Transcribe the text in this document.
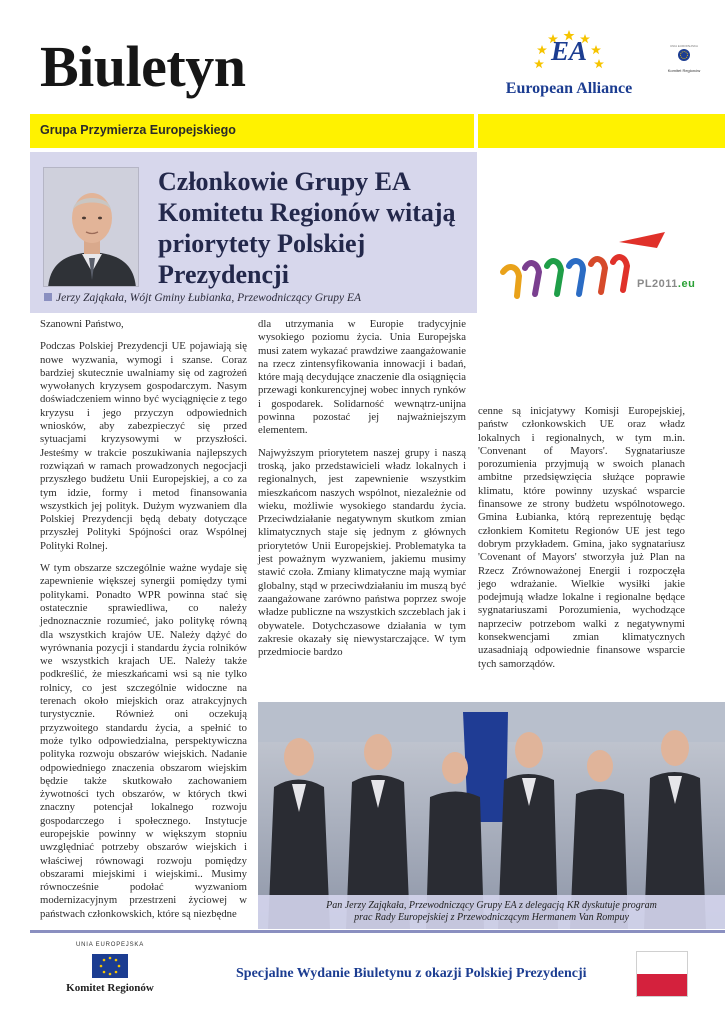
Biuletyn	EA
European Alliance
UNIA EUROPEJSKA
Komitet Regionów
Grupa Przymierza Europejskiego
Członkowie Grupy EA Komitetu Regionów witają priorytety Polskiej Prezydencji
Jerzy Zająkała, Wójt Gminy Łubianka, Przewodniczący Grupy EA
PL2011.eu

Szanowni Państwo,

Podczas Polskiej Prezydencji UE pojawiają się nowe wyzwania, wymogi i szanse. Coraz bardziej skutecznie uwalniamy się od zagrożeń wywołanych kryzysem gospodarczym. Nasym doświadczeniem winno być wyciągnięcie z tego kryzysu i jego przyczyn odpowiednich wniosków, aby zabezpieczyć się przed sytuacjami kryzysowymi w przyszłości. Jesteśmy w trakcie poszukiwania najlepszych rozwiązań w ramach prowadzonych negocjacji przyszłego budżetu Unii Europejskiej, a co za tym idzie, formy i metod finansowania wszystkich jej polityk. Dużym wyzwaniem dla Polskiej Prezydencji będą debaty dotyczące przyszłej Polityki Spójności oraz Wspólnej Polityki Rolnej.

W tym obszarze szczególnie ważne wydaje się zapewnienie większej synergii pomiędzy tymi politykami. Ponadto WPR powinna stać się ostatecznie sprawiedliwa, co należy jednoznacznie rozumieć, jako politykę równą dla wszystkich krajów UE. Należy dążyć do wyrównania pozycji i standardu życia rolników we wszystkich krajach UE. Należy także podkreślić, że mieszkańcami wsi są nie tylko rolnicy, co jest szczególnie widoczne na terenach około miejskich oraz atrakcyjnych turystycznie. Również oni oczekują przyzwoitego standardu życia, a spełnić to może tylko odpowiedzialna, perspektywiczna polityka rozwoju obszarów wiejskich. Nadanie odpowiedniego znaczenia obszarom wiejskim będzie także skutkowało zachowaniem żywotności tych obszarów, w których tkwi znaczny potencjał lokalnego rozwoju gospodarczego i społecznego. Instytucje europejskie powinny w większym stopniu uwzględniać potrzeby obszarów wiejskich i właściwej równowagi rozwoju pomiędzy obszarami miejskimi i wiejskimi.. Musimy równocześnie podołać wyzwaniom modernizacyjnym przestrzeni życiowej w państwach członkowskich, które są niezbędne

dla utrzymania w Europie tradycyjnie wysokiego poziomu życia. Unia Europejska musi zatem wykazać prawdziwe zaangażowanie na rzecz zintensyfikowania innowacji i badań, które mają decydujące znaczenie dla osiągnięcia przewagi konkurencyjnej wobec innych rynków i gospodarek. Solidarność wewnątrz-unijna powinna pozostać jej najważniejszym elementem.

Najwyższym priorytetem naszej grupy i naszą troską, jako przedstawicieli władz lokalnych i regionalnych, jest zapewnienie wszystkim mieszkańcom naszych wspólnot, niezależnie od wieku, możliwie wysokiego standardu życia. Przeciwdziałanie negatywnym skutkom zmian klimatycznych staje się jednym z głównych priorytetów Unii Europejskiej. Problematyka ta jest poważnym wyzwaniem, jakiemu musimy stawić czoła. Zmiany klimatyczne mają wymiar globalny, stąd w przeciwdziałaniu im muszą być zaangażowane zarówno państwa poprzez swoje władze publiczne na wszystkich szczeblach jak i obywatele. Dotychczasowe działania w tym zakresie okazały się niewystarczające. W tym przedmiocie bardzo

cenne są inicjatywy Komisji Europejskiej, państw członkowskich UE oraz władz lokalnych i regionalnych, w tym m.in. 'Convenant of Mayors'. Sygnatariusze porozumienia przyjmują w swoich planach ambitne przedsięwzięcia służące poprawie klimatu, które powinny uzyskać wsparcie finansowe ze strony budżetu wspólnotowego. Gmina Łubianka, którą reprezentuję będąc członkiem Komitetu Regionów UE jest tego dobrym przykładem. Gmina, jako sygnatariusz 'Covenant of Mayors' stworzyła już Plan na Rzecz Zrównoważonej Energii i rozpoczęła jego wdrażanie. Wielkie wysiłki jakie podejmują władze lokalne i regionalne będące sygnatariuszami Porozumienia, wychodzące naprzeciw potrzebom walki z negatywnymi konsekwencjami zmian klimatycznych uzasadniają odpowiednie finansowe wsparcie tych samorządów.

Pan Jerzy Zająkała, Przewodniczący Grupy EA z delegacją KR dyskutuje program
prac Rady Europejskiej z Przewodniczącym Hermanem Van Rompuy
UNIA EUROPEJSKA
Komitet Regionów
Specjalne Wydanie Biuletynu z okazji Polskiej Prezydencji
